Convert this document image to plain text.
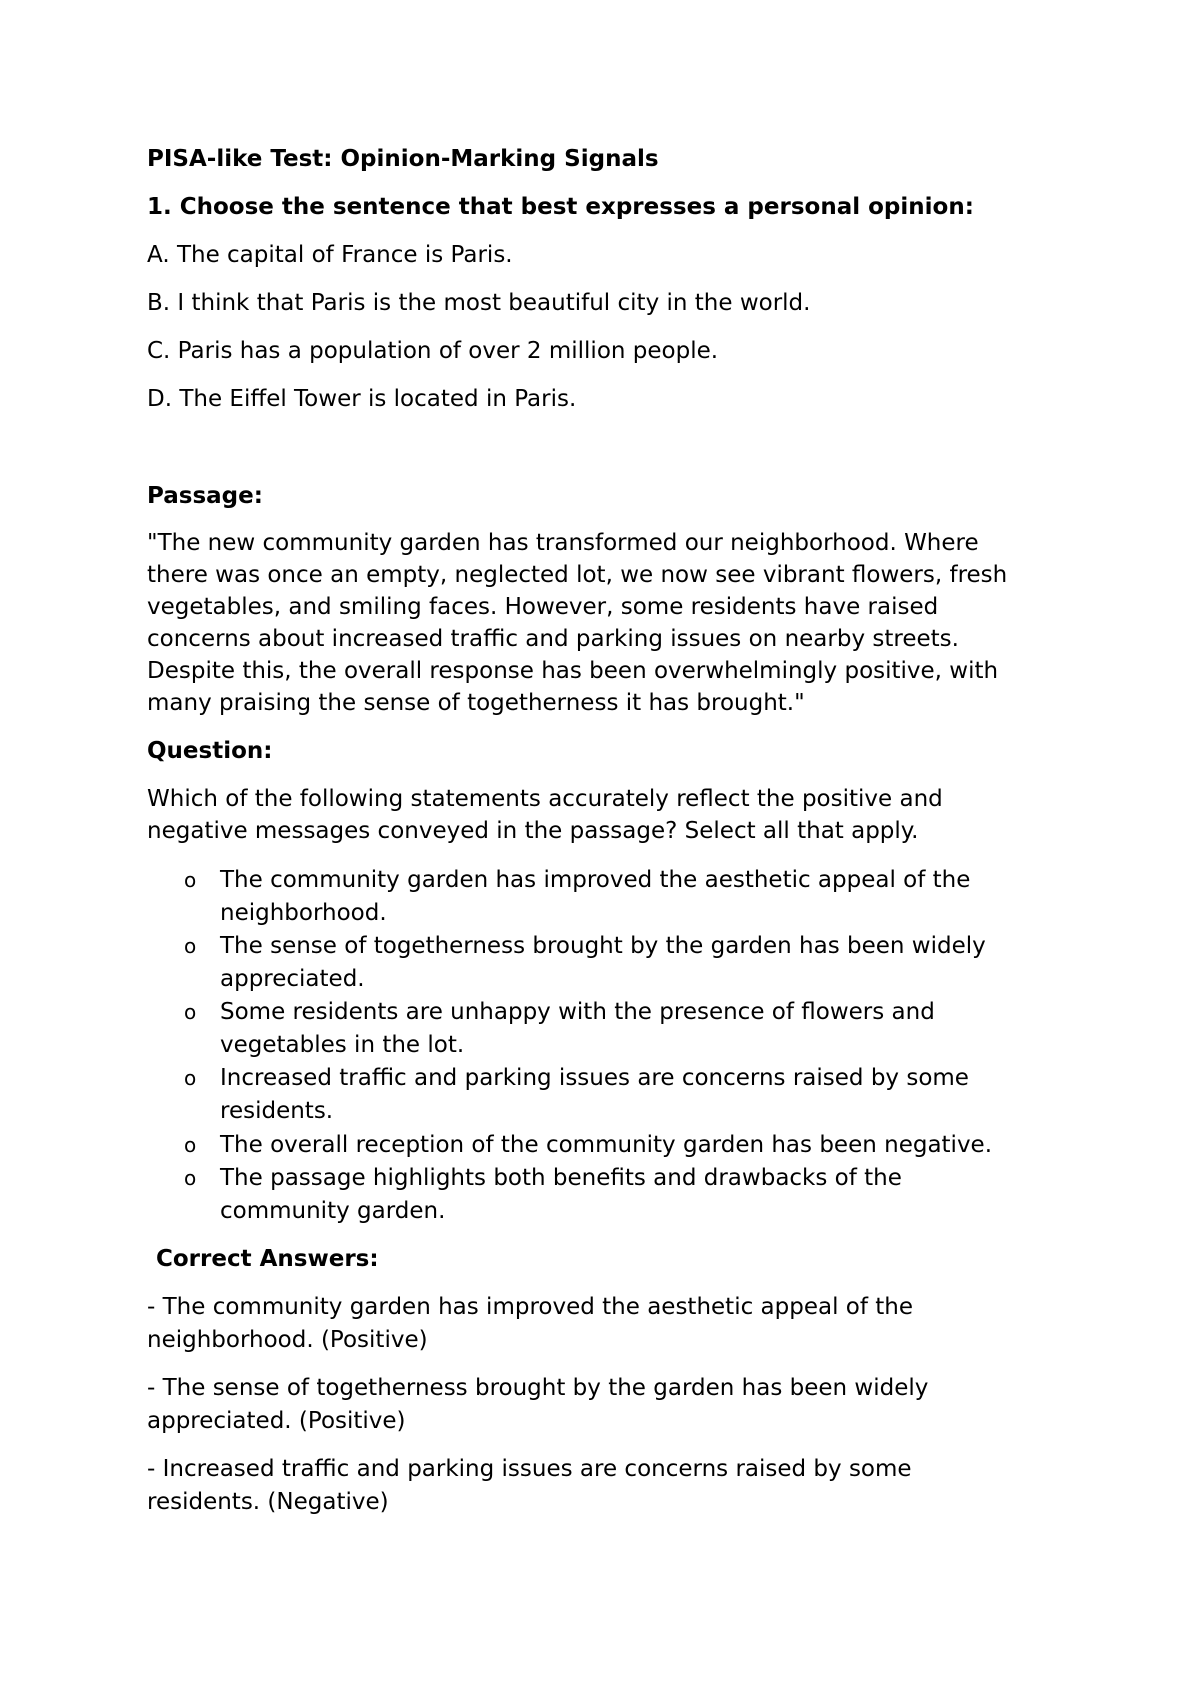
PISA-like Test: Opinion-Marking Signals
1. Choose the sentence that best expresses a personal opinion:
A. The capital of France is Paris.
B. I think that Paris is the most beautiful city in the world.
C. Paris has a population of over 2 million people.
D. The Eiffel Tower is located in Paris.
Passage:
"The new community garden has transformed our neighborhood. Where
there was once an empty, neglected lot, we now see vibrant flowers, fresh
vegetables, and smiling faces. However, some residents have raised
concerns about increased traffic and parking issues on nearby streets.
Despite this, the overall response has been overwhelmingly positive, with
many praising the sense of togetherness it has brought."
Question:
Which of the following statements accurately reflect the positive and
negative messages conveyed in the passage? Select all that apply.
o The community garden has improved the aesthetic appeal of the
neighborhood.
o The sense of togetherness brought by the garden has been widely
appreciated.
o Some residents are unhappy with the presence of flowers and
vegetables in the lot.
o Increased traffic and parking issues are concerns raised by some
residents.
o The overall reception of the community garden has been negative.
o The passage highlights both benefits and drawbacks of the
community garden.
Correct Answers:
- The community garden has improved the aesthetic appeal of the
neighborhood. (Positive)
- The sense of togetherness brought by the garden has been widely
appreciated. (Positive)
- Increased traffic and parking issues are concerns raised by some
residents. (Negative)
